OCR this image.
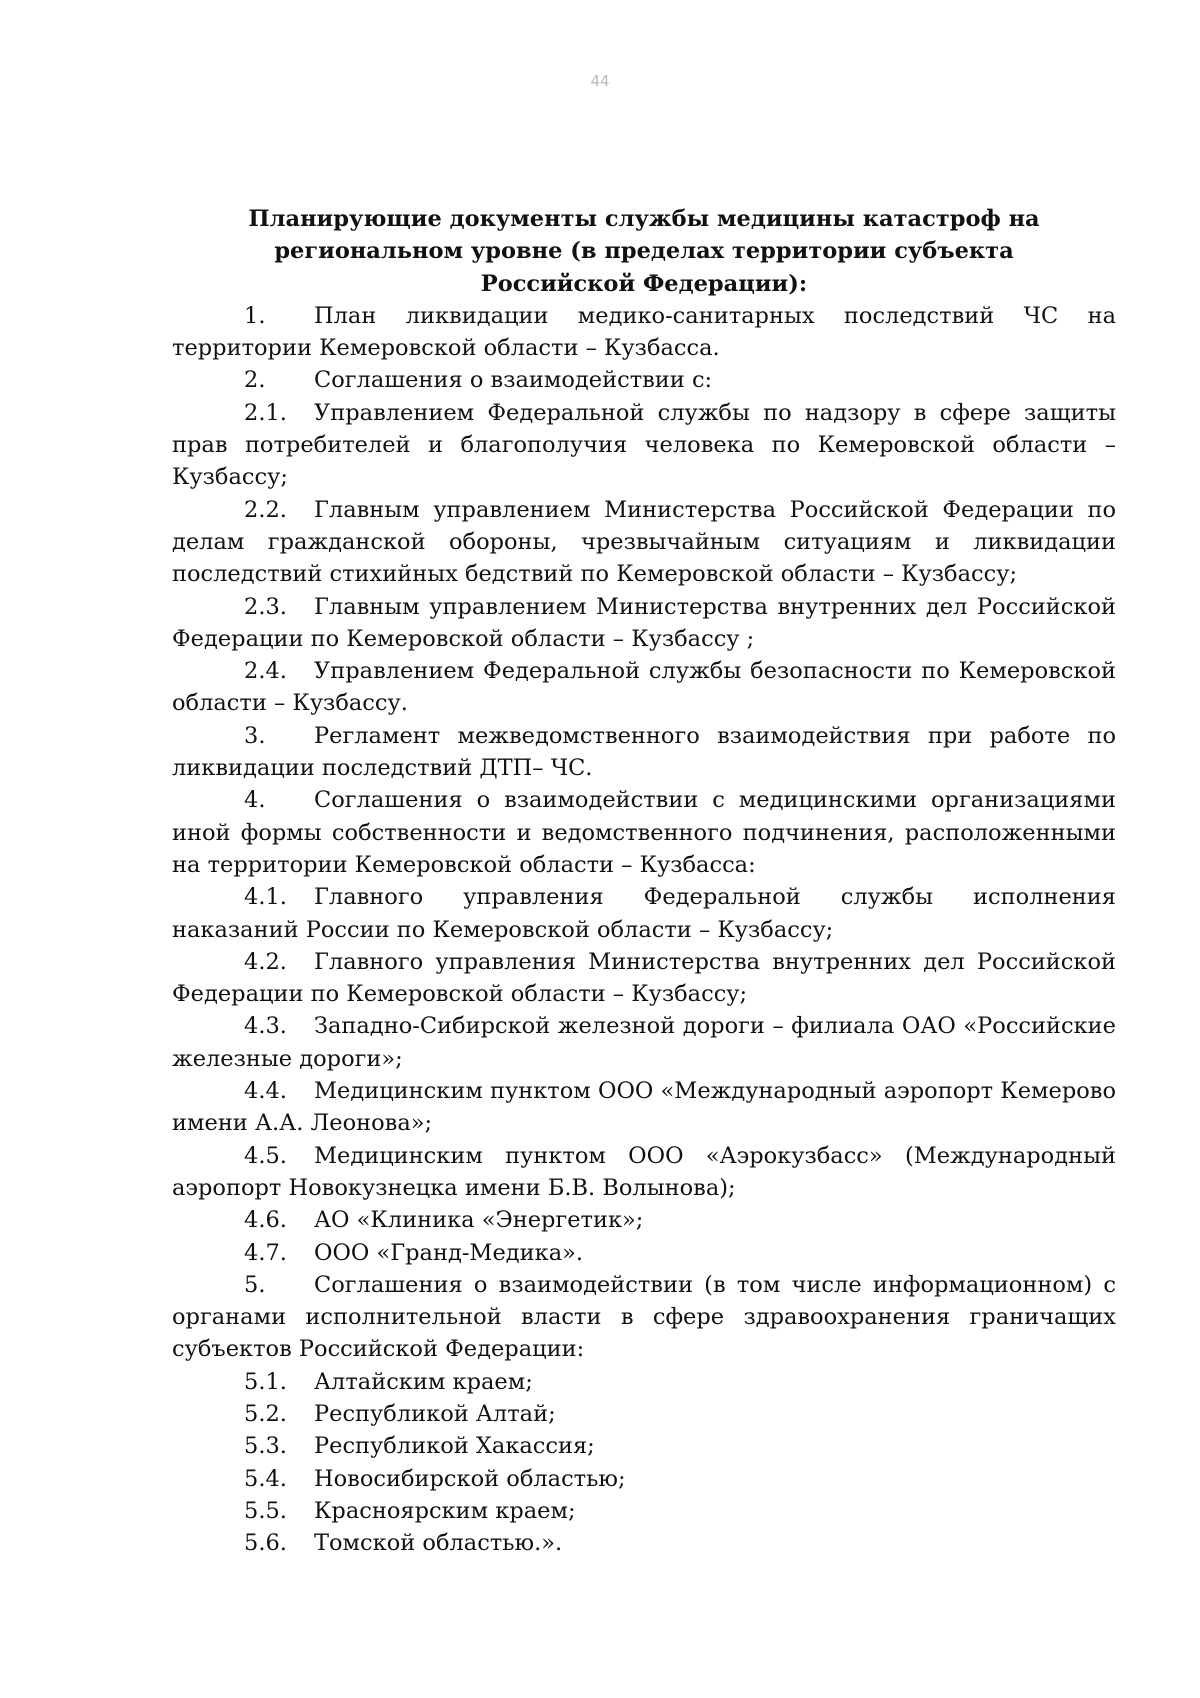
44
Планирующие документы службы медицины катастроф на региональном уровне (в пределах территории субъекта Российской Федерации):

1. План ликвидации медико-санитарных последствий ЧС на территории Кемеровской области – Кузбасса.

2. Соглашения о взаимодействии с:

2.1. Управлением Федеральной службы по надзору в сфере защиты прав потребителей и благополучия человека по Кемеровской области – Кузбассу;

2.2. Главным управлением Министерства Российской Федерации по делам гражданской обороны, чрезвычайным ситуациям и ликвидации последствий стихийных бедствий по Кемеровской области – Кузбассу;

2.3. Главным управлением Министерства внутренних дел Российской Федерации по Кемеровской области – Кузбассу ;

2.4. Управлением Федеральной службы безопасности по Кемеровской области – Кузбассу.

3. Регламент межведомственного взаимодействия при работе по ликвидации последствий ДТП– ЧС.

4. Соглашения о взаимодействии с медицинскими организациями иной формы собственности и ведомственного подчинения, расположенными на территории Кемеровской области – Кузбасса:

4.1. Главного управления Федеральной службы исполнения наказаний России по Кемеровской области – Кузбассу;

4.2. Главного управления Министерства внутренних дел Российской Федерации по Кемеровской области – Кузбассу;

4.3. Западно-Сибирской железной дороги – филиала ОАО «Российские железные дороги»;

4.4. Медицинским пунктом ООО «Международный аэропорт Кемерово имени А.А. Леонова»;

4.5. Медицинским пунктом ООО «Аэрокузбасс» (Международный аэропорт Новокузнецка имени Б.В. Волынова);

4.6. АО «Клиника «Энергетик»;

4.7. ООО «Гранд-Медика».

5. Соглашения о взаимодействии (в том числе информационном) с органами исполнительной власти в сфере здравоохранения граничащих субъектов Российской Федерации:

5.1. Алтайским краем;

5.2. Республикой Алтай;

5.3. Республикой Хакассия;

5.4. Новосибирской областью;

5.5. Красноярским краем;

5.6. Томской областью.».
